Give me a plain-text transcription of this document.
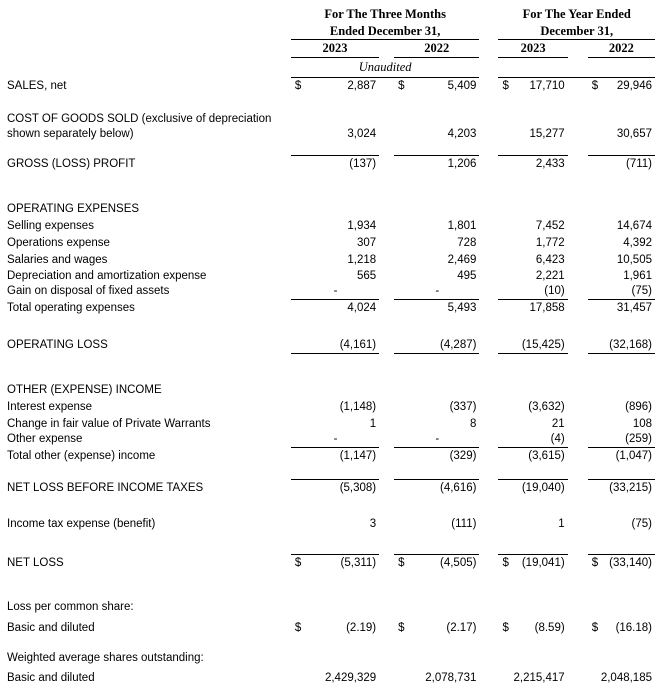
	For The Three Months				For The Year Ended		
	Ended December 31,				December 31,		
	2023		2022		2023		2022
	Unaudited						
SALES, net	$ 2,887		$ 5,409		$ 17,710		$ 29,946

COST OF GOODS SOLD (exclusive of depreciation shown separately below)	3,024		4,203		15,277		30,657

GROSS (LOSS) PROFIT	(137)		1,206		2,433		(711)

OPERATING EXPENSES							
Selling expenses	1,934		1,801		7,452		14,674

Operations expense	307		728		1,772		4,392

Salaries and wages	1,218		2,469		6,423		10,505

Depreciation and amortization expense	565		495		2,221		1,961

Gain on disposal of fixed assets	-		-		(10)		(75)

Total operating expenses	4,024		5,493		17,858		31,457

OPERATING LOSS	(4,161)		(4,287)		(15,425)		(32,168)

OTHER (EXPENSE) INCOME							
Interest expense	(1,148)		(337)		(3,632)		(896)

Change in fair value of Private Warrants	1		8		21		108

Other expense	-		-		(4)		(259)

Total other (expense) income	(1,147)		(329)		(3,615)		(1,047)

NET LOSS BEFORE INCOME TAXES	(5,308)		(4,616)		(19,040)		(33,215)

Income tax expense (benefit)	3		(111)		1		(75)

NET LOSS	$ (5,311)		$ (4,505)		$ (19,041)		$ (33,140)

Loss per common share:							

Basic and diluted	$ (2.19)		$ (2.17)		$ (8.59)		$ (16.18)

Weighted average shares outstanding:							

Basic and diluted	2,429,329		2,078,731		2,215,417		2,048,185
